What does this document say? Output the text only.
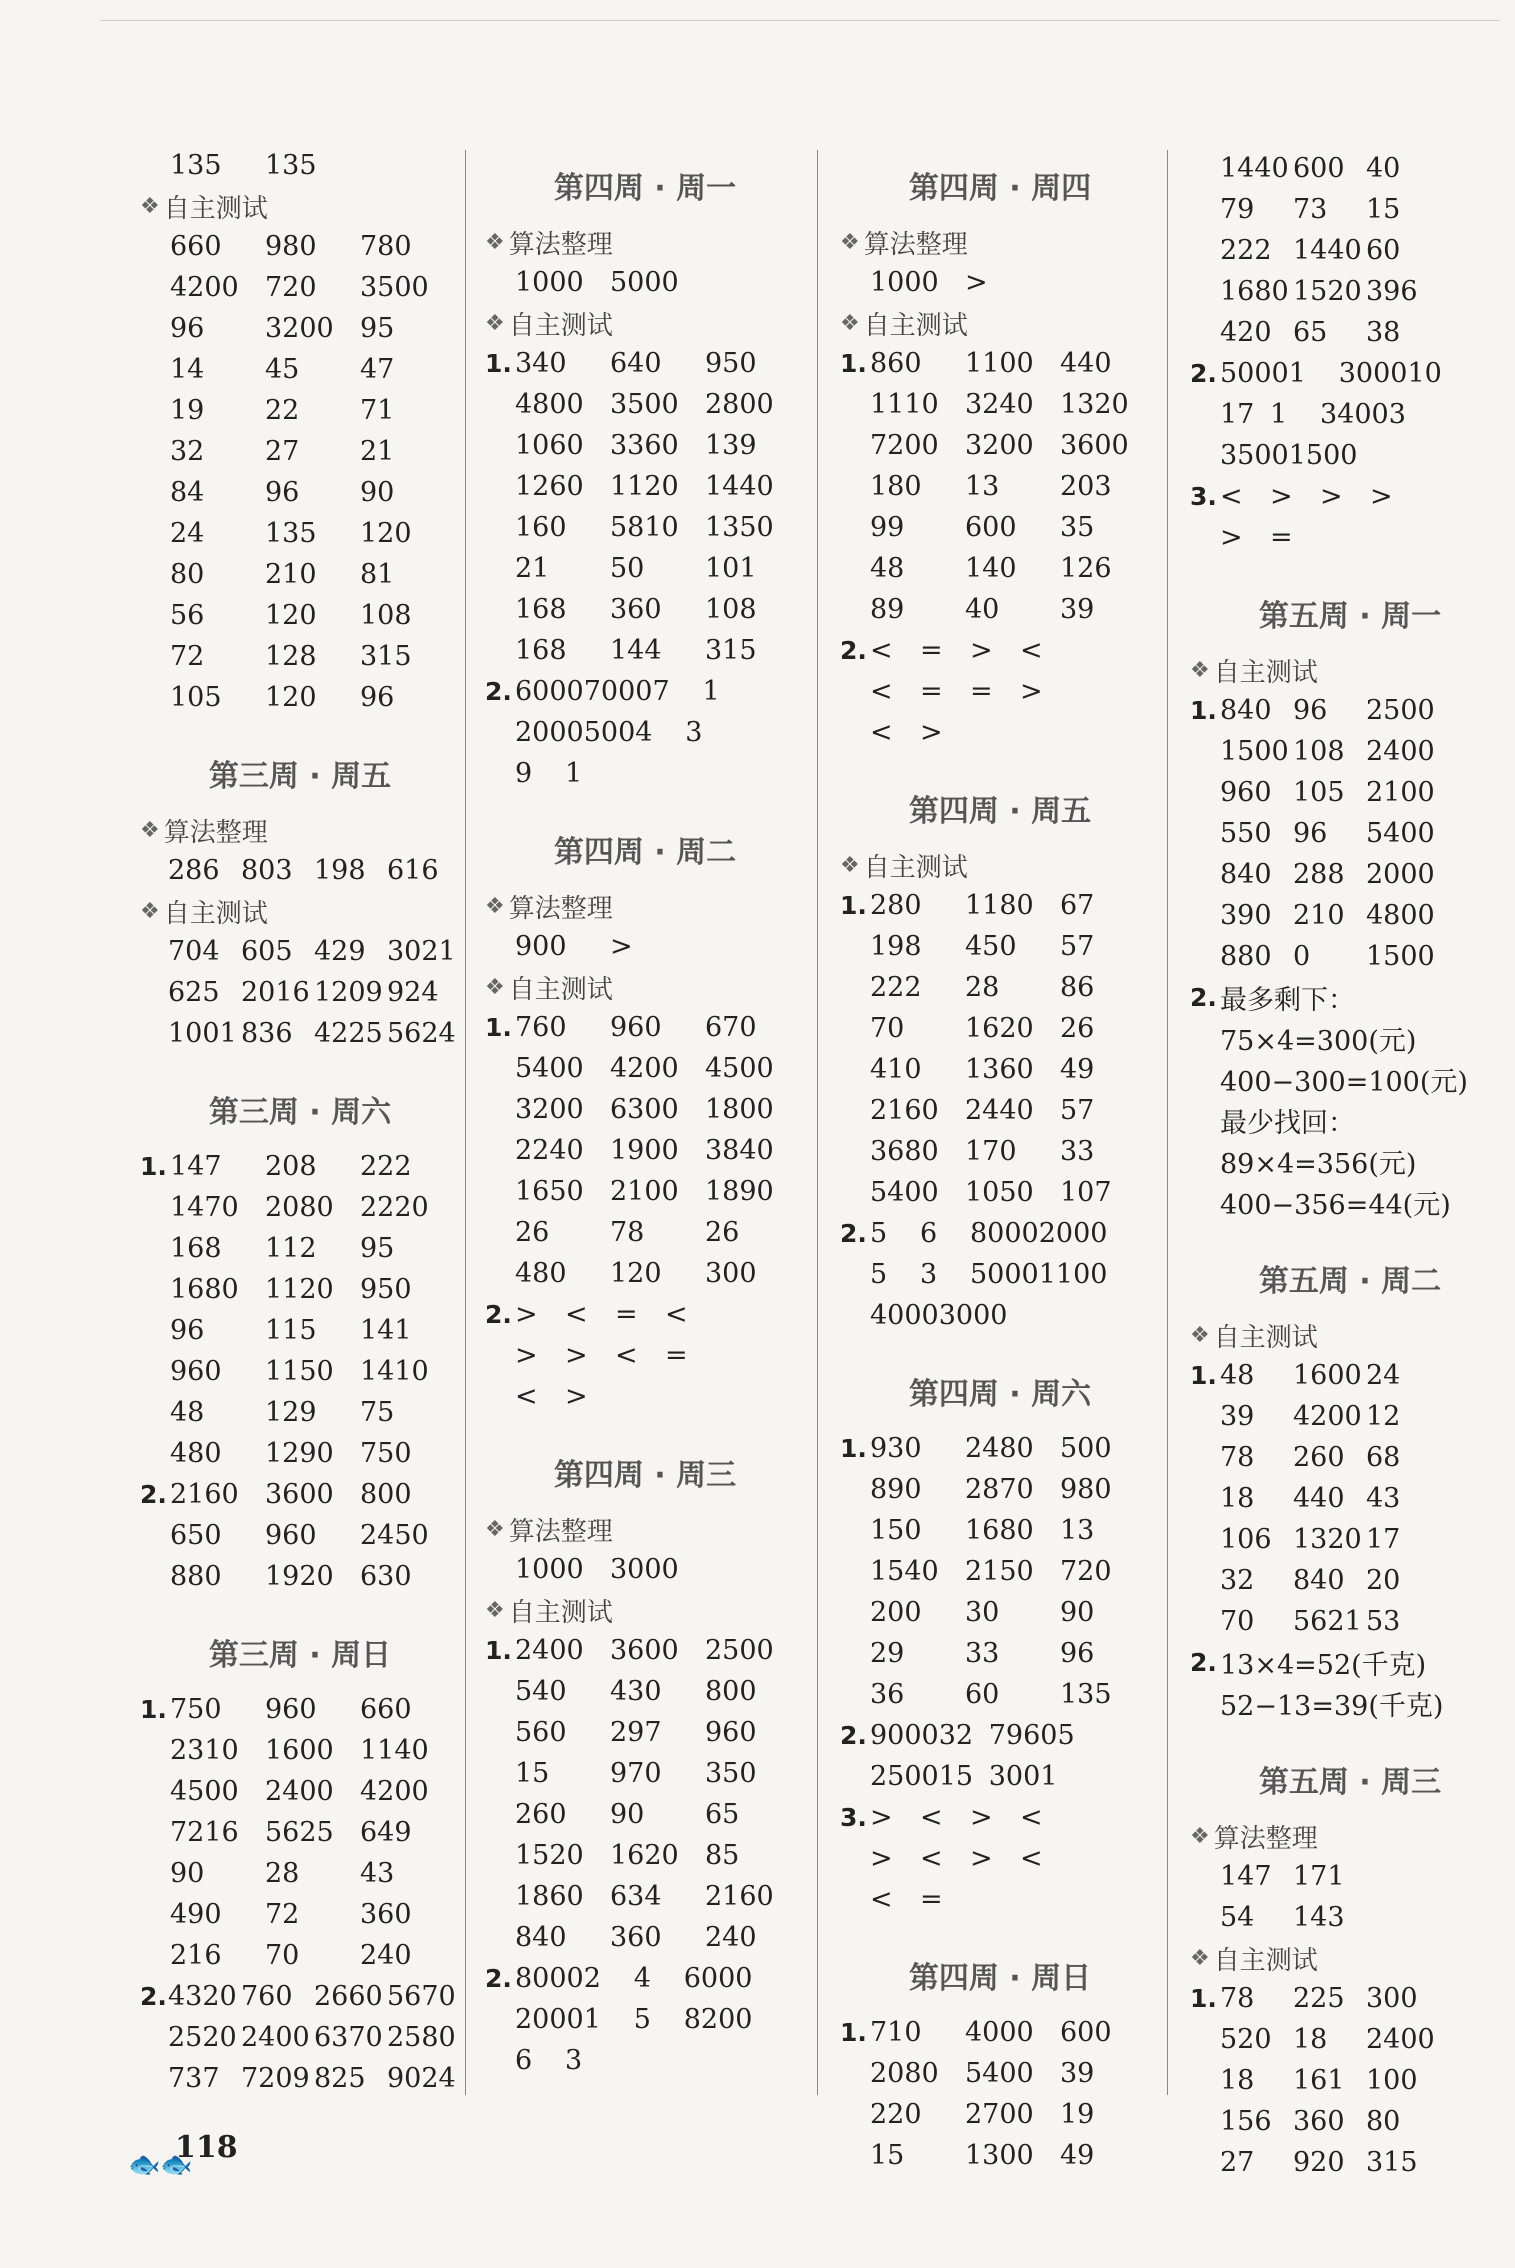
135	135
❖ 自主测试
660	980	780
4200 720	3500
96	3200 95
14	45	47
19	22	71
32	27	21
84	96	90
24	135	120
80	210	81
56	120	108
72	128	315
105	120	96
第三周 · 周五
❖ 算法整理
286 803 198 616
❖ 自主测试
704 605 429 3021
625 2016 1209 924
1001 836 4225 5624
第三周 · 周六
1. 147	208	222
1470 2080 2220
168	112	95
1680 1120 950
96	115	141
960	1150 1410
48	129	75
480	1290 750
2. 2160 3600 800
650	960	2450
880	1920 630
第三周 · 周日
1. 750	960	660
2310 1600 1140
4500 2400 4200
7216 5625 649
90	28	43
490	72	360
216	70	240
2. 4320 760 2660 5670
2520 2400 6370 2580
737 7209 825 9024
第四周 · 周一
❖ 算法整理
1000 5000
❖ 自主测试
1. 340	640	950
4800 3500 2800
1060 3360 139
1260 1120 1440
160	5810 1350
21	50	101
168	360	108
168	144	315
2. 6000 7000 7	1
2000 500 4	3
9	1
第四周 · 周二
❖ 算法整理
900	>
❖ 自主测试
1. 760	960	670
5400 4200 4500
3200 6300 1800
2240 1900 3840
1650 2100 1890
26	78	26
480	120	300
2. >	<	=	<
>	>	<	=
<	>
第四周 · 周三
❖ 算法整理
1000 3000
❖ 自主测试
1. 2400 3600 2500
540	430	800
560	297	960
15	970	350
260	90	65
1520 1620 85
1860 634	2160
840	360	240
2. 8000 2	4	6000
2000 1	5	8200
6	3
第四周 · 周四
❖ 算法整理
1000 >
❖ 自主测试
1. 860	1100 440
1110 3240 1320
7200 3200 3600
180	13	203
99	600	35
48	140	126
89	40	39
2. <	=	>	<
<	=	=	>
<	>
第四周 · 周五
❖ 自主测试
1. 280	1180 67
198	450	57
222	28	86
70	1620 26
410	1360 49
2160 2440 57
3680 170	33
5400 1050 107
2. 5	6	8000 2000
5	3	5000 1100
4000 3000
第四周 · 周六
1. 930	2480 500
890	2870 980
150	1680 13
1540 2150 720
200	30	90
29	33	96
36	60	135
2. 9000 32 7960 5
2500 15 300 1
3. >	<	>	<
>	<	>	<
<	=
第四周 · 周日
1. 710	4000 600
2080 5400 39
220	2700 19
15	1300 49
1440 600 40
79	73	15
222 1440 60
1680 1520 396
420 65	38
2. 5000 1	3000 10
17 1	3400 3
3500 1500
3. <	>	>	>
>	=
第五周 · 周一
❖ 自主测试
1. 840 96	2500
1500 108 2400
960 105 2100
550 96	5400
840 288 2000
390 210 4800
880 0	1500
2. 最多剩下：
75×4=300(元)
400−300=100(元)
最少找回：
89×4=356(元)
400−356=44(元)
第五周 · 周二
❖ 自主测试
1. 48	1600 24
39	4200 12
78	260 68
18	440 43
106 1320 17
32	840 20
70	5621 53
2. 13×4=52(千克)
52−13=39(千克)
第五周 · 周三
❖ 算法整理
147 171
54	143
❖ 自主测试
1. 78	225 300
520 18	2400
18	161 100
156 360 80
27	920 315
🐟🐟
118
